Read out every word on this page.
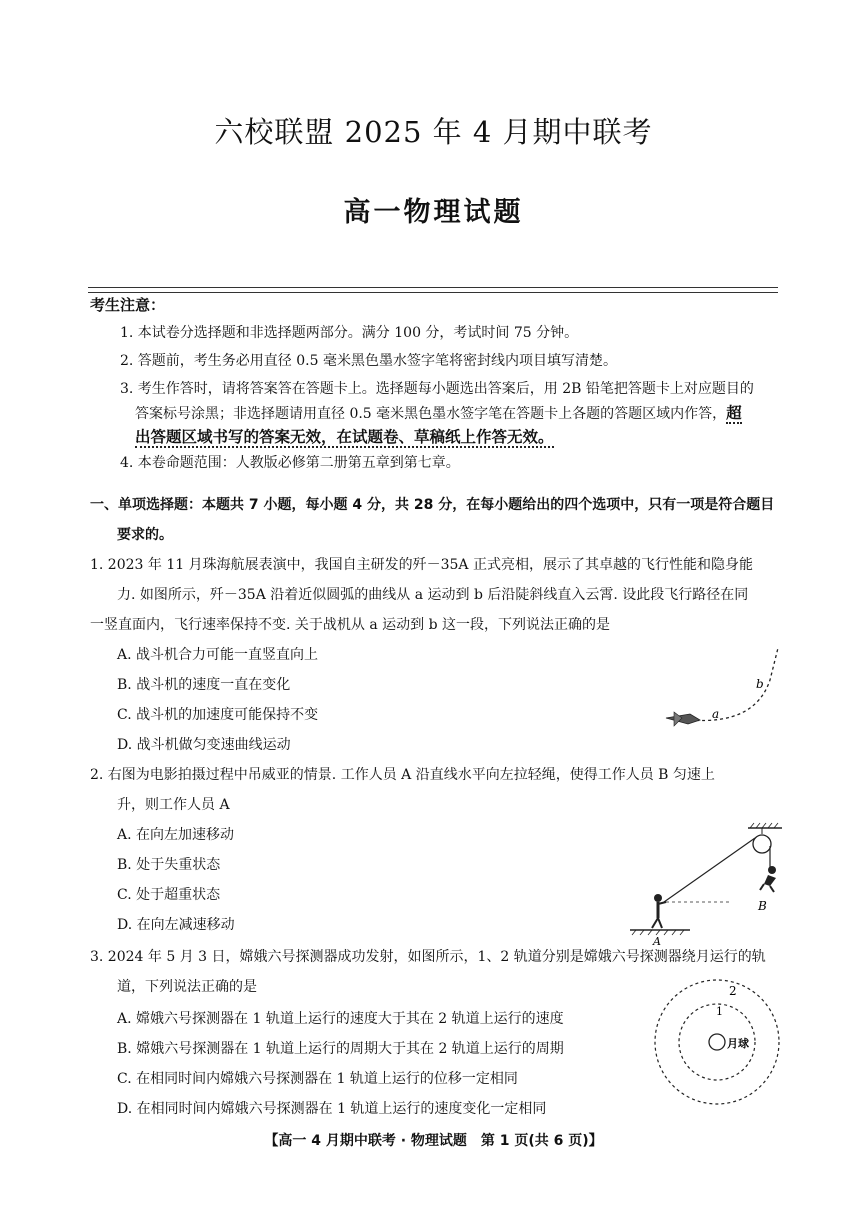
六校联盟 2025 年 4 月期中联考
高一物理试题
考生注意：
1. 本试卷分选择题和非选择题两部分。满分 100 分，考试时间 75 分钟。
2. 答题前，考生务必用直径 0.5 毫米黑色墨水签字笔将密封线内项目填写清楚。
3. 考生作答时，请将答案答在答题卡上。选择题每小题选出答案后，用 2B 铅笔把答题卡上对应题目的
答案标号涂黑；非选择题请用直径 0.5 毫米黑色墨水签字笔在答题卡上各题的答题区域内作答，超
出答题区域书写的答案无效，在试题卷、草稿纸上作答无效。
4. 本卷命题范围：人教版必修第二册第五章到第七章。
一、单项选择题：本题共 7 小题，每小题 4 分，共 28 分，在每小题给出的四个选项中，只有一项是符合题目
要求的。
1. 2023 年 11 月珠海航展表演中，我国自主研发的歼－35A 正式亮相，展示了其卓越的飞行性能和隐身能
力. 如图所示，歼－35A 沿着近似圆弧的曲线从 a 运动到 b 后沿陡斜线直入云霄. 设此段飞行路径在同
一竖直面内，飞行速率保持不变. 关于战机从 a 运动到 b 这一段，下列说法正确的是
A. 战斗机合力可能一直竖直向上
B. 战斗机的速度一直在变化
C. 战斗机的加速度可能保持不变
D. 战斗机做匀变速曲线运动
b
a
2. 右图为电影拍摄过程中吊威亚的情景. 工作人员 A 沿直线水平向左拉轻绳，使得工作人员 B 匀速上
升，则工作人员 A
A. 在向左加速移动
B. 处于失重状态
C. 处于超重状态
D. 在向左减速移动
B
A
3. 2024 年 5 月 3 日，嫦娥六号探测器成功发射，如图所示，1、2 轨道分别是嫦娥六号探测器绕月运行的轨
道，下列说法正确的是
A. 嫦娥六号探测器在 1 轨道上运行的速度大于其在 2 轨道上运行的速度
B. 嫦娥六号探测器在 1 轨道上运行的周期大于其在 2 轨道上运行的周期
C. 在相同时间内嫦娥六号探测器在 1 轨道上运行的位移一定相同
D. 在相同时间内嫦娥六号探测器在 1 轨道上运行的速度变化一定相同
2
1
月球
【高一 4 月期中联考 · 物理试题　第 1 页(共 6 页)】
